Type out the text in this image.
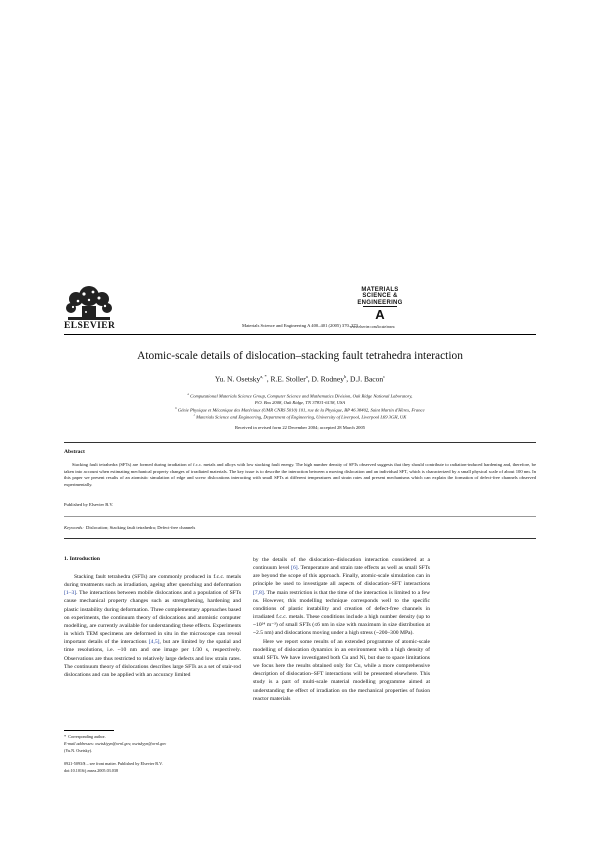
ELSEVIER	Materials Science and Engineering A 400–401 (2005) 370–373
MATERIALS
SCIENCE &
ENGINEERING
A
www.elsevier.com/locate/msea
Atomic-scale details of dislocation–stacking fault tetrahedra interaction
Yu. N. Osetsky$^{a, *}$, R.E. Stoller$^a$, D. Rodney$^b$, D.J. Bacon$^c$
$^a$ Computational Materials Science Group, Computer Science and Mathematics Division, Oak Ridge National Laboratory,
P.O. Box 2008, Oak Ridge, TN 37831-6138, USA
$^b$ Génie Physique et Mécanique des Matériaux (UMR CNRS 5010) 101, rue de la Physique, BP 46 38402, Saint Martin d'Hères, France
$^c$ Materials Science and Engineering, Department of Engineering, University of Liverpool, Liverpool L69 3GH, UK
Received in revised form 22 December 2004; accepted 28 March 2005
Abstract
Stacking fault tetrahedra (SFTs) are formed during irradiation of f.c.c. metals and alloys with low stacking fault energy. The high number density of SFTs observed suggests that they should contribute to radiation-induced hardening and, therefore, be taken into account when estimating mechanical property changes of irradiated materials. The key issue is to describe the interaction between a moving dislocation and an individual SFT, which is characterized by a small physical scale of about 100 nm. In this paper we present results of an atomistic simulation of edge and screw dislocations interacting with small SFTs at different temperatures and strain rates and present mechanisms which can explain the formation of defect-free channels observed experimentally.
Published by Elsevier B.V.
Keywords: Dislocation; Stacking fault tetrahedra; Defect-free channels
1. Introduction
Stacking fault tetrahedra (SFTs) are commonly produced in f.c.c. metals during treatments such as irradiation, ageing after quenching and deformation [1–3]. The interactions between mobile dislocations and a population of SFTs cause mechanical property changes such as strengthening, hardening and plastic instability during deformation. Three complementary approaches based on experiments, the continuum theory of dislocations and atomistic computer modelling, are currently available for understanding these effects. Experiments in which TEM specimens are deformed in situ in the microscope can reveal important details of the interactions [4,5], but are limited by the spatial and time resolutions, i.e. ~10 nm and one image per 1/30 s, respectively. Observations are thus restricted to relatively large defects and low strain rates. The continuum theory of dislocations describes large SFTs as a set of stair-rod dislocations and can be applied with an accuracy limited
by the details of the dislocation–dislocation interaction considered at a continuum level [6]. Temperature and strain rate effects as well as small SFTs are beyond the scope of this approach. Finally, atomic-scale simulation can in principle be used to investigate all aspects of dislocation–SFT interactions [7,8]. The main restriction is that the time of the interaction is limited to a few ns. However, this modelling technique corresponds well to the specific conditions of plastic instability and creation of defect-free channels in irradiated f.c.c. metals. These conditions include a high number density (up to ~10²⁴ m⁻³) of small SFTs (≤6 nm in size with maximum in size distribution at ~2.5 nm) and dislocations moving under a high stress (~200–300 MPa).
Here we report some results of an extended programme of atomic-scale modelling of dislocation dynamics in an environment with a high density of small SFTs. We have investigated both Cu and Ni, but due to space limitations we focus here the results obtained only for Cu, while a more comprehensive description of dislocation–SFT interactions will be presented elsewhere. This study is a part of multi-scale material modelling programme aimed at understanding the effect of irradiation on the mechanical properties of fusion reactor materials
* Corresponding author.
E-mail addresses: osetskiyyn@ornl.gov, osetskyyn@ornl.gov
(Yu.N. Osetsky).
0921-5093/$ – see front matter. Published by Elsevier B.V.
doi:10.1016/j.msea.2005.03.038
